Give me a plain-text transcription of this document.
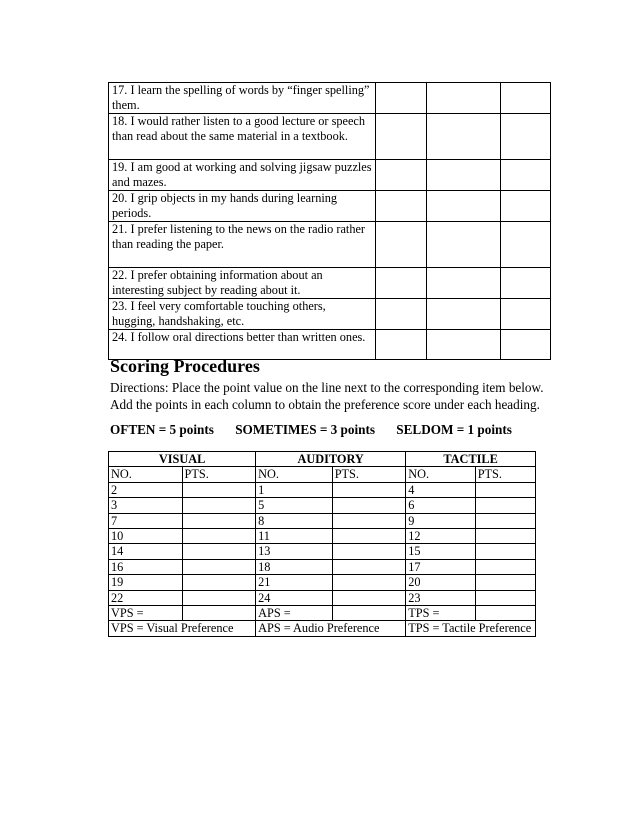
17. I learn the spelling of words by “finger spelling” them.			
18. I would rather listen to a good lecture or speech than read about the same material in a textbook.			
19. I am good at working and solving jigsaw puzzles and mazes.			
20. I grip objects in my hands during learning periods.			
21. I prefer listening to the news on the radio rather than reading the paper.			
22. I prefer obtaining information about an interesting subject by reading about it.			
23. I feel very comfortable touching others, hugging, handshaking, etc.			
24. I follow oral directions better than written ones.			
Scoring Procedures
Directions: Place the point value on the line next to the corresponding item below. Add the points in each column to obtain the preference score under each heading.
OFTEN = 5 points SOMETIMES = 3 points SELDOM = 1 points
VISUAL		AUDITORY		TACTILE	
NO.	PTS.	NO.	PTS.	NO.	PTS.
2		1		4	
3		5		6	
7		8		9	
10		11		12	
14		13		15	
16		18		17	
19		21		20	
22		24		23	
VPS =		APS =		TPS =	
VPS = Visual Preference		APS = Audio Preference		TPS = Tactile Preference	
